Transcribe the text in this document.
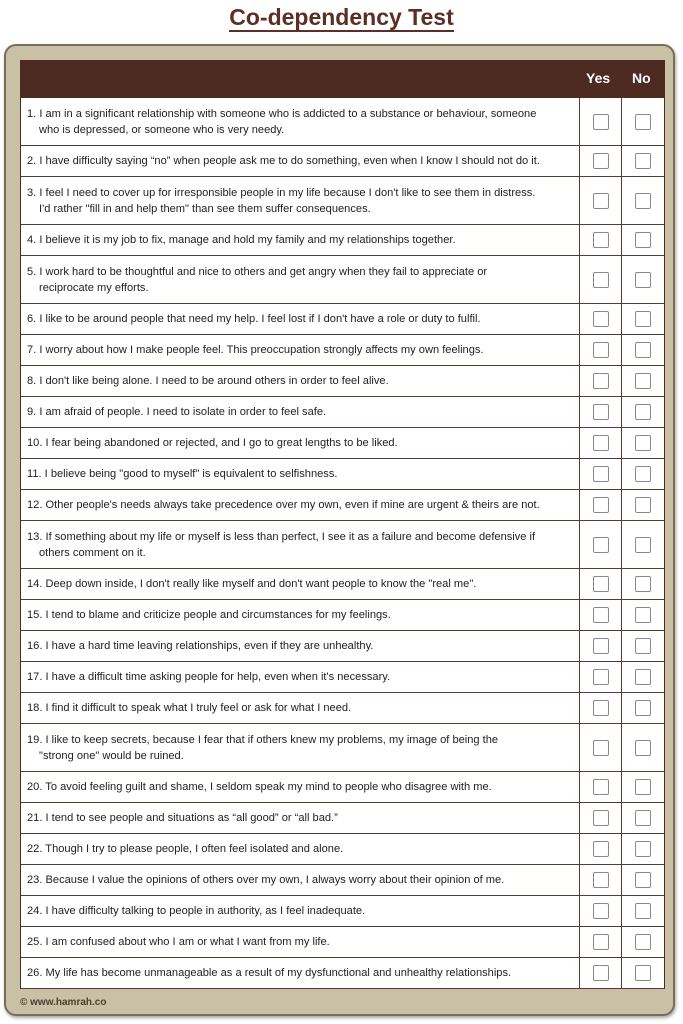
Co-dependency Test
Yes No
1. I am in a significant relationship with someone who is addicted to a substance or behaviour, someone
who is depressed, or someone who is very needy.
2. I have difficulty saying “no” when people ask me to do something, even when I know I should not do it.
3. I feel I need to cover up for irresponsible people in my life because I don't like to see them in distress.
I'd rather "fill in and help them" than see them suffer consequences.
4. I believe it is my job to fix, manage and hold my family and my relationships together.
5. I work hard to be thoughtful and nice to others and get angry when they fail to appreciate or
reciprocate my efforts.
6. I like to be around people that need my help. I feel lost if I don't have a role or duty to fulfil.
7. I worry about how I make people feel. This preoccupation strongly affects my own feelings.
8. I don't like being alone. I need to be around others in order to feel alive.
9. I am afraid of people. I need to isolate in order to feel safe.
10. I fear being abandoned or rejected, and I go to great lengths to be liked.
11. I believe being "good to myself" is equivalent to selfishness.
12. Other people's needs always take precedence over my own, even if mine are urgent & theirs are not.
13. If something about my life or myself is less than perfect, I see it as a failure and become defensive if
others comment on it.
14. Deep down inside, I don't really like myself and don't want people to know the "real me".
15. I tend to blame and criticize people and circumstances for my feelings.
16. I have a hard time leaving relationships, even if they are unhealthy.
17. I have a difficult time asking people for help, even when it's necessary.
18. I find it difficult to speak what I truly feel or ask for what I need.
19. I like to keep secrets, because I fear that if others knew my problems, my image of being the
"strong one" would be ruined.
20. To avoid feeling guilt and shame, I seldom speak my mind to people who disagree with me.
21. I tend to see people and situations as “all good” or “all bad.”
22. Though I try to please people, I often feel isolated and alone.
23. Because I value the opinions of others over my own, I always worry about their opinion of me.
24. I have difficulty talking to people in authority, as I feel inadequate.
25. I am confused about who I am or what I want from my life.
26. My life has become unmanageable as a result of my dysfunctional and unhealthy relationships.
© www.hamrah.co
